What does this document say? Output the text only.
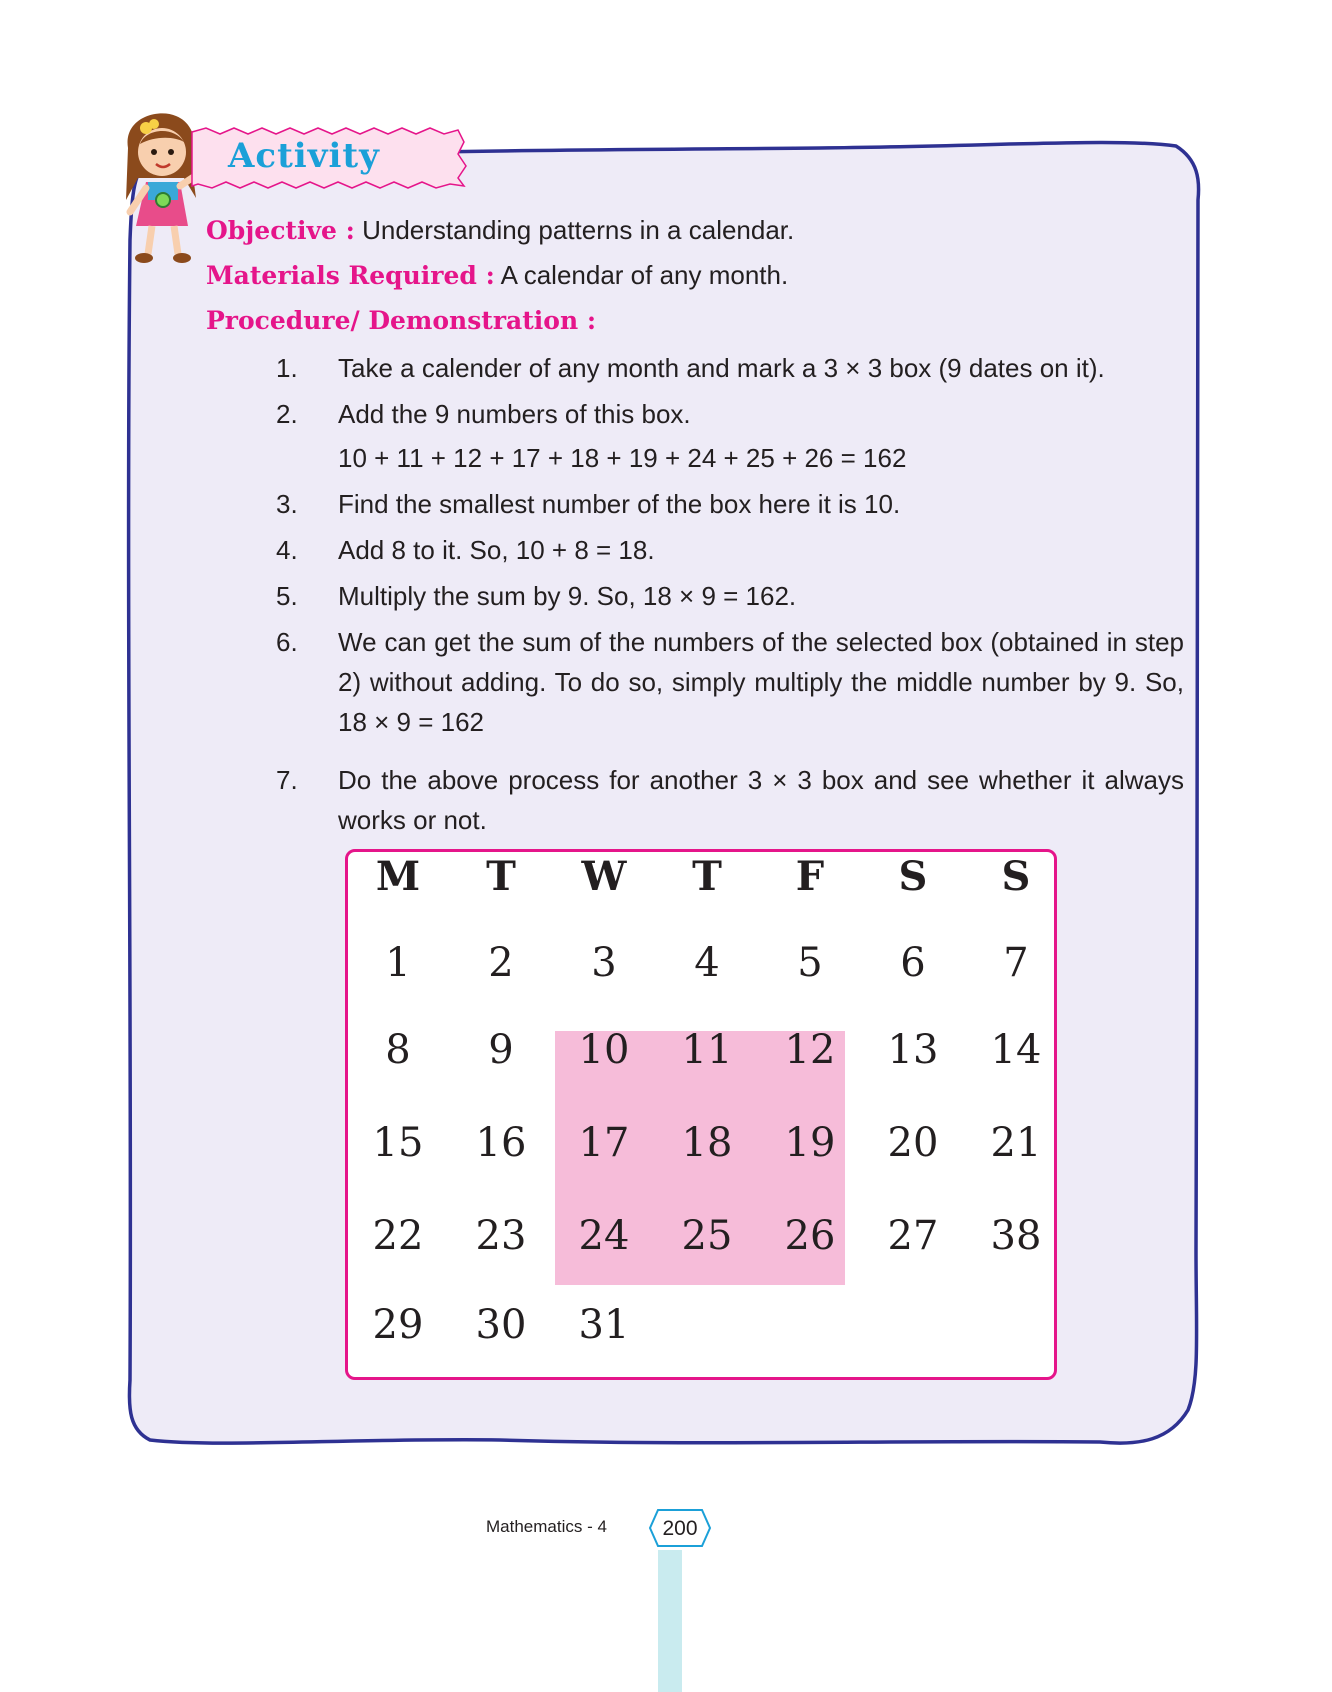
Activity
Objective : Understanding patterns in a calendar.
Materials Required : A calendar of any month.
Procedure/ Demonstration :
1.	Take a calender of any month and mark a 3 × 3 box (9 dates on it).
2.	Add the 9 numbers of this box.
10 + 11 + 12 + 17 + 18 + 19 + 24 + 25 + 26 = 162
3.	Find the smallest number of the box here it is 10.
4.	Add 8 to it. So, 10 + 8 = 18.
5.	Multiply the sum by 9. So, 18 × 9 = 162.
6.	We can get the sum of the numbers of the selected box (obtained in step 2) without adding. To do so, simply multiply the middle number by 9. So, 18 × 9 = 162
7.	Do the above process for another 3 × 3 box and see whether it always works or not.
M	T	W	T	F	S	S
1	2	3	4	5	6	7
8	9	10	11	12	13	14
15	16	17	18	19	20	21
22	23	24	25	26	27	38
29	30	31
Mathematics - 4	200
